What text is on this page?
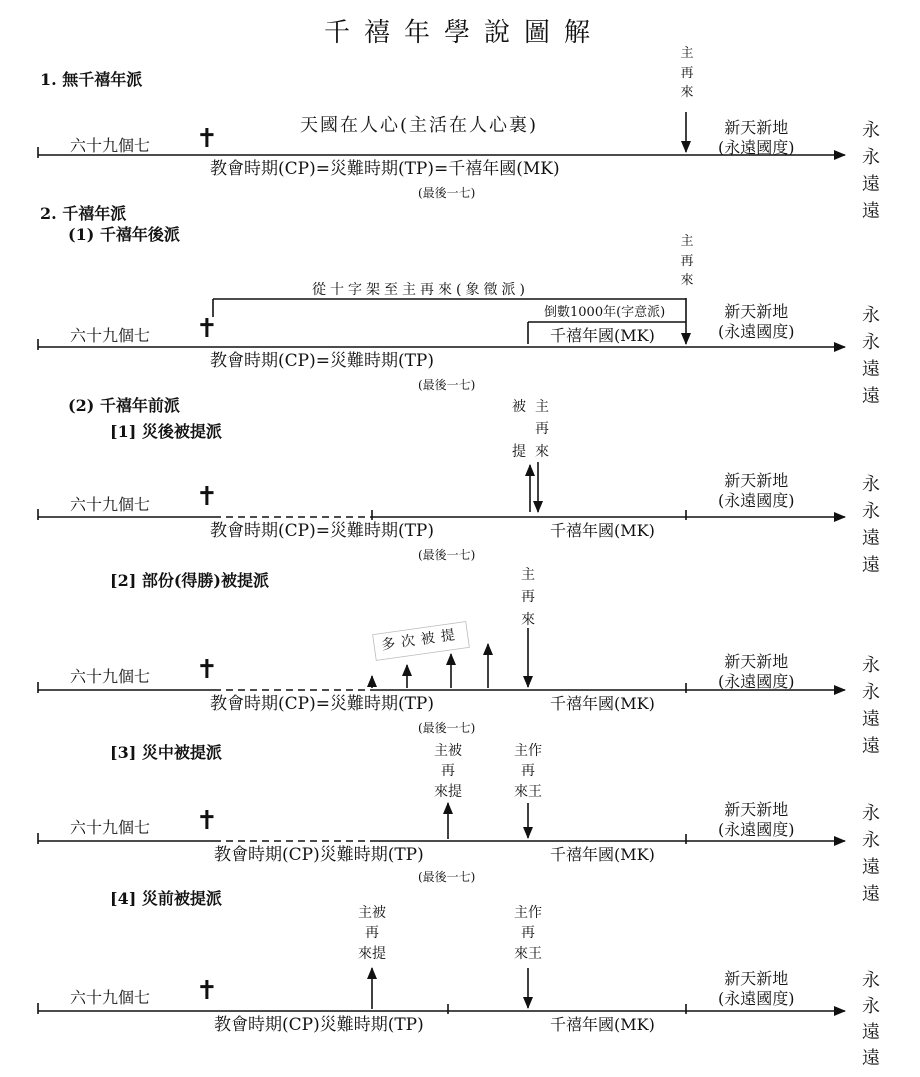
千禧年學說圖解
1. 無千禧年派
主
再
來
天國在人心(主活在人心裏)
六十九個七 ✝
教會時期(CP)=災難時期(TP)=千禧年國(MK)
(最後一七)
新天新地
(永遠國度)
永
永
遠
遠
2. 千禧年派
(1) 千禧年後派	主
再
來
從十字架至主再來(象徵派)
倒數1000年(字意派)
千禧年國(MK)
六十九個七 ✝
教會時期(CP)=災難時期(TP)
(最後一七)
新天新地
(永遠國度)
永
永
遠
遠
(2) 千禧年前派
[1] 災後被提派
被

提
主
再
來
六十九個七 ✝
教會時期(CP)=災難時期(TP)	千禧年國(MK)
(最後一七)
新天新地
(永遠國度)
永
永
遠
遠
[2] 部份(得勝)被提派	主
再
來
多次被提
六十九個七 ✝
教會時期(CP)=災難時期(TP)	千禧年國(MK)
(最後一七)
新天新地
(永遠國度)
永
永
遠
遠
[3] 災中被提派	主被
再
來提
主作
再
來王
六十九個七 ✝
教會時期(CP)災難時期(TP)	千禧年國(MK)
(最後一七)
新天新地
(永遠國度)
永
永
遠
遠
[4] 災前被提派
主被
再
來提
主作
再
來王
六十九個七 ✝
教會時期(CP)災難時期(TP)	千禧年國(MK)
新天新地
(永遠國度)
永
永
遠
遠
